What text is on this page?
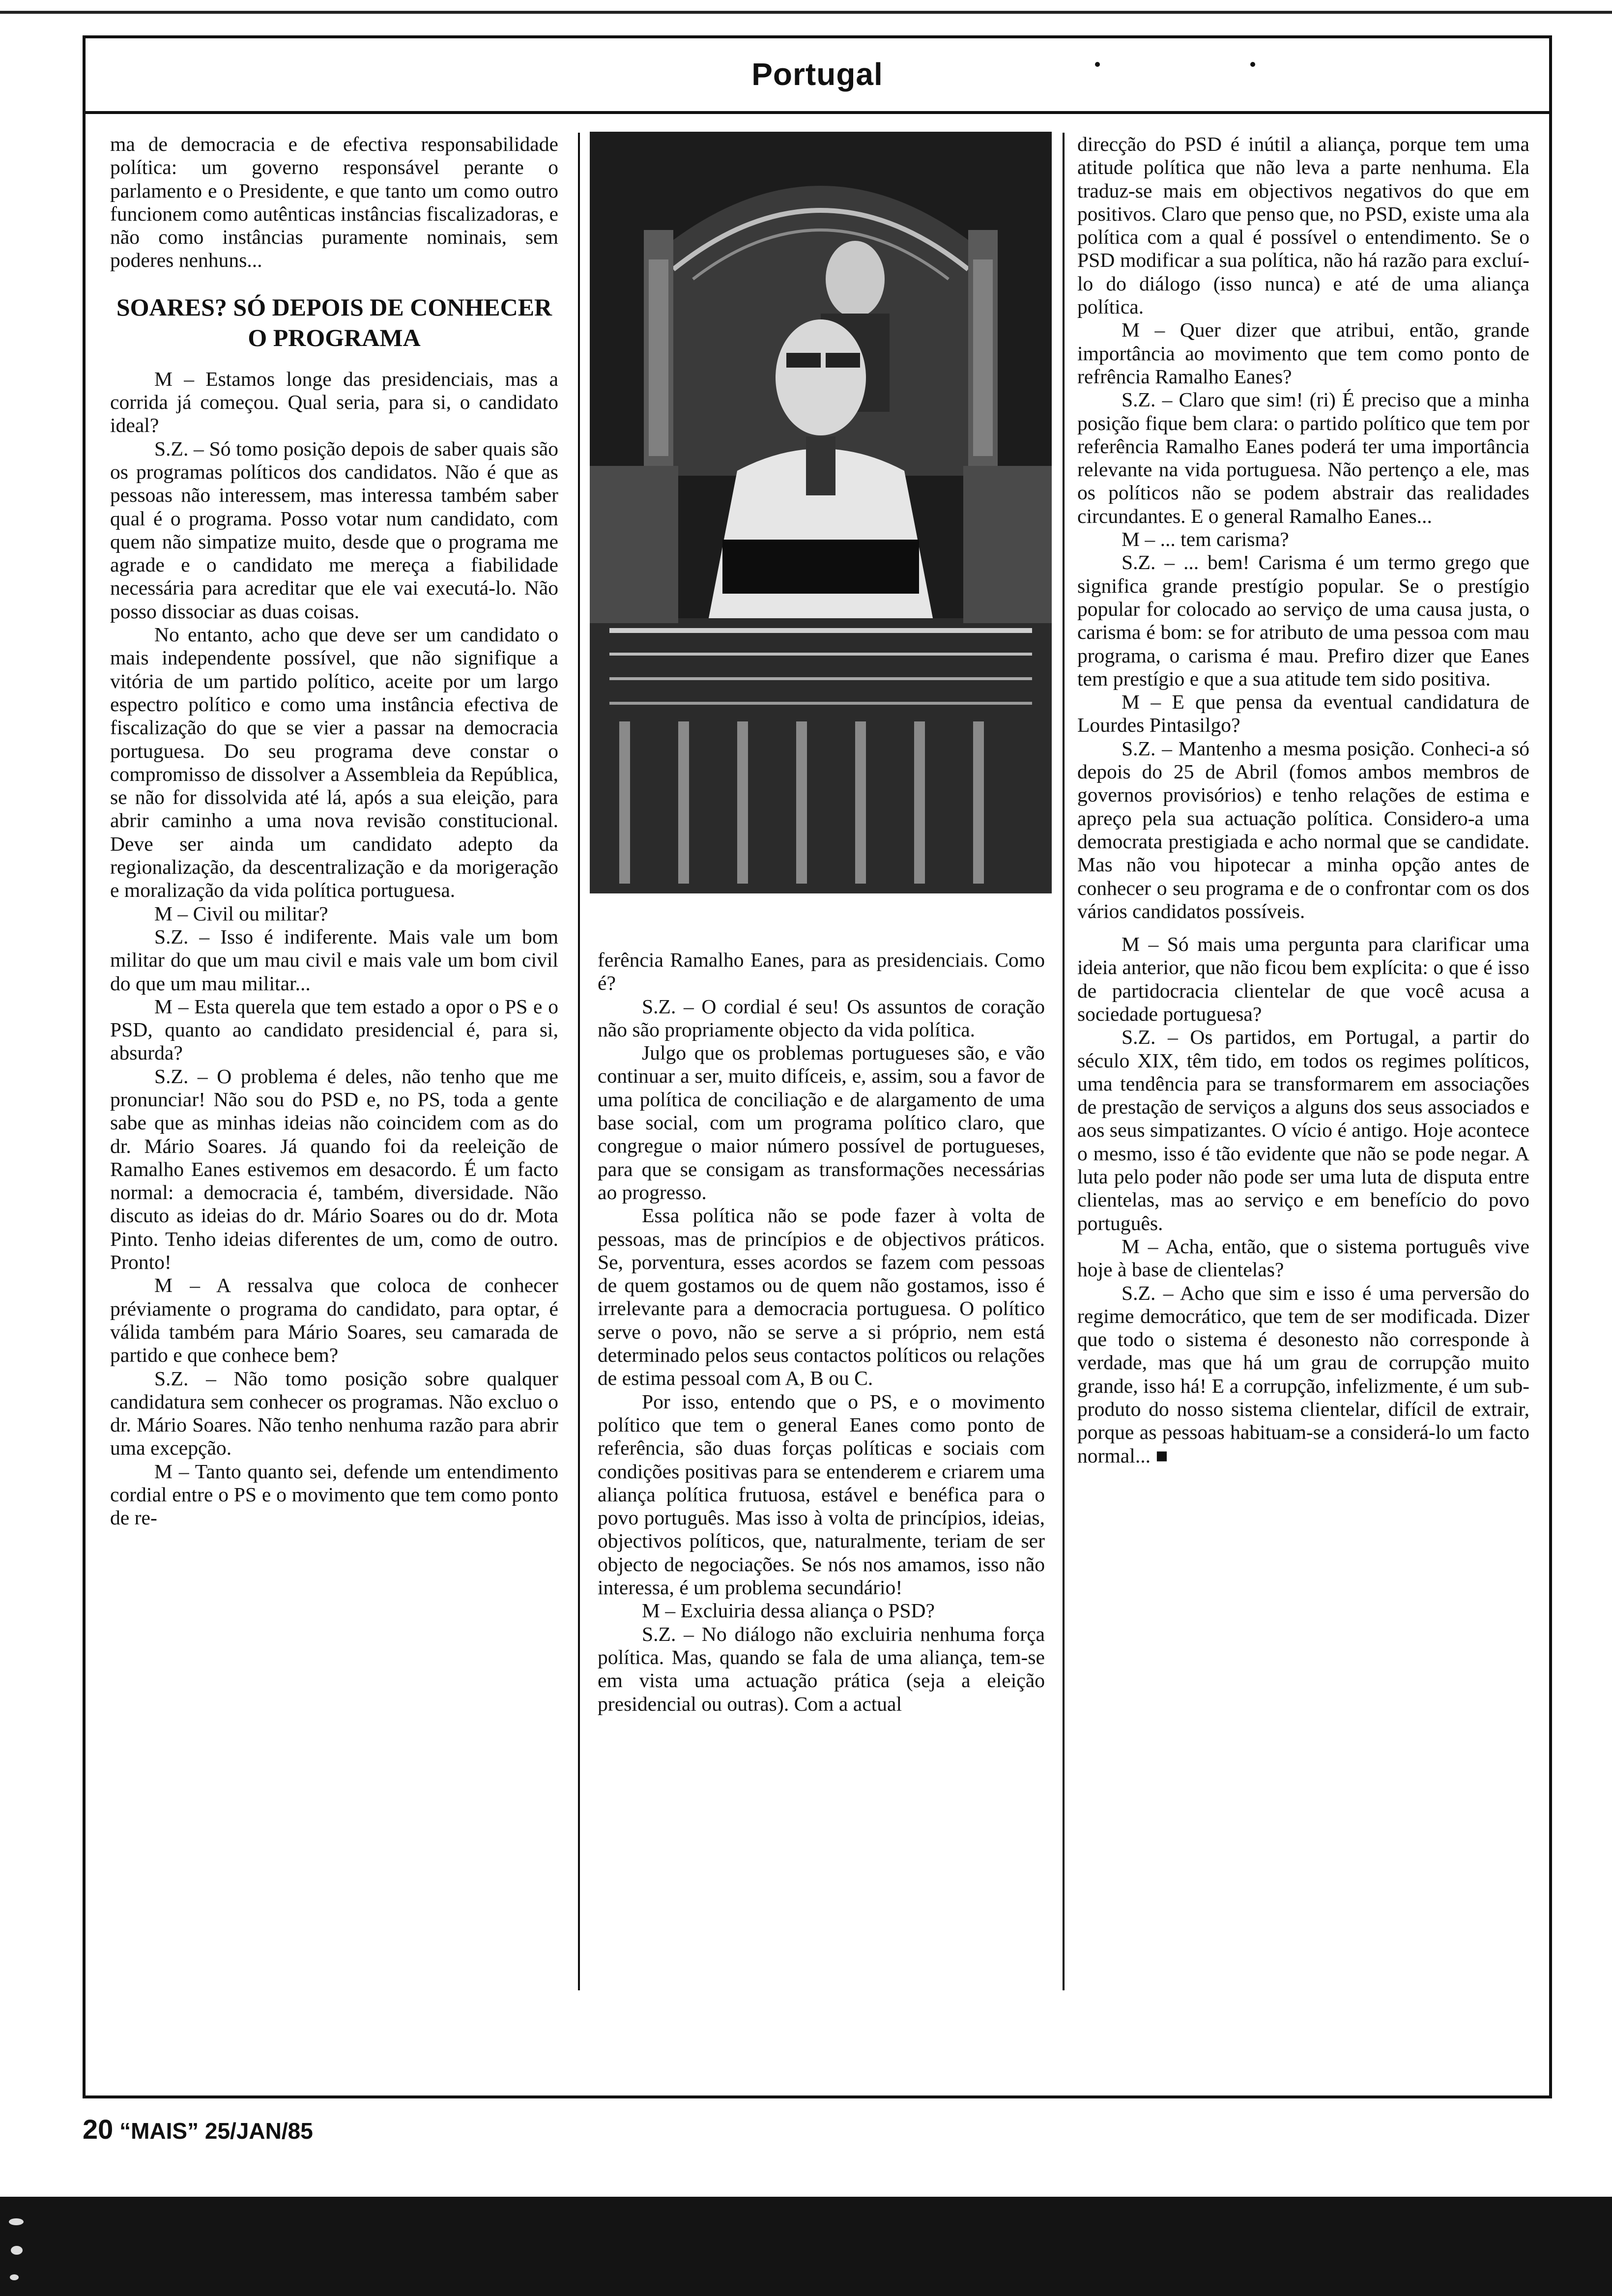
Portugal

ma de democracia e de efectiva responsabilidade política: um governo responsável perante o parlamento e o Presidente, e que tanto um como outro funcionem como autênticas instâncias fiscalizadoras, e não como instâncias puramente nominais, sem poderes nenhuns...

SOARES? SÓ DEPOIS DE CONHECER O PROGRAMA

M – Estamos longe das presidenciais, mas a corrida já começou. Qual seria, para si, o candidato ideal?

S.Z. – Só tomo posição depois de saber quais são os programas políticos dos candidatos. Não é que as pessoas não interessem, mas interessa também saber qual é o programa. Posso votar num candidato, com quem não simpatize muito, desde que o programa me agrade e o candidato me mereça a fiabilidade necessária para acreditar que ele vai executá-lo. Não posso dissociar as duas coisas.

No entanto, acho que deve ser um candidato o mais independente possível, que não signifique a vitória de um partido político, aceite por um largo espectro político e como uma instância efectiva de fiscalização do que se vier a passar na democracia portuguesa. Do seu programa deve constar o compromisso de dissolver a Assembleia da República, se não for dissolvida até lá, após a sua eleição, para abrir caminho a uma nova revisão constitucional. Deve ser ainda um candidato adepto da regionalização, da descentralização e da morigeração e moralização da vida política portuguesa.

M – Civil ou militar?

S.Z. – Isso é indiferente. Mais vale um bom militar do que um mau civil e mais vale um bom civil do que um mau militar...

M – Esta querela que tem estado a opor o PS e o PSD, quanto ao candidato presidencial é, para si, absurda?

S.Z. – O problema é deles, não tenho que me pronunciar! Não sou do PSD e, no PS, toda a gente sabe que as minhas ideias não coincidem com as do dr. Mário Soares. Já quando foi da reeleição de Ramalho Eanes estivemos em desacordo. É um facto normal: a democracia é, também, diversidade. Não discuto as ideias do dr. Mário Soares ou do dr. Mota Pinto. Tenho ideias diferentes de um, como de outro. Pronto!

M – A ressalva que coloca de conhecer préviamente o programa do candidato, para optar, é válida também para Mário Soares, seu camarada de partido e que conhece bem?

S.Z. – Não tomo posição sobre qualquer candidatura sem conhecer os programas. Não excluo o dr. Mário Soares. Não tenho nenhuma razão para abrir uma excepção.

M – Tanto quanto sei, defende um entendimento cordial entre o PS e o movimento que tem como ponto de re-

ferência Ramalho Eanes, para as presidenciais. Como é?

S.Z. – O cordial é seu! Os assuntos de coração não são propriamente objecto da vida política.

Julgo que os problemas portugueses são, e vão continuar a ser, muito difíceis, e, assim, sou a favor de uma política de conciliação e de alargamento de uma base social, com um programa político claro, que congregue o maior número possível de portugueses, para que se consigam as transformações necessárias ao progresso.

Essa política não se pode fazer à volta de pessoas, mas de princípios e de objectivos práticos. Se, porventura, esses acordos se fazem com pessoas de quem gostamos ou de quem não gostamos, isso é irrelevante para a democracia portuguesa. O político serve o povo, não se serve a si próprio, nem está determinado pelos seus contactos políticos ou relações de estima pessoal com A, B ou C.

Por isso, entendo que o PS, e o movimento político que tem o general Eanes como ponto de referência, são duas forças políticas e sociais com condições positivas para se entenderem e criarem uma aliança política frutuosa, estável e benéfica para o povo português. Mas isso à volta de princípios, ideias, objectivos políticos, que, naturalmente, teriam de ser objecto de negociações. Se nós nos amamos, isso não interessa, é um problema secundário!

M – Excluiria dessa aliança o PSD?

S.Z. – No diálogo não excluiria nenhuma força política. Mas, quando se fala de uma aliança, tem-se em vista uma actuação prática (seja a eleição presidencial ou outras). Com a actual

direcção do PSD é inútil a aliança, porque tem uma atitude política que não leva a parte nenhuma. Ela traduz-se mais em objectivos negativos do que em positivos. Claro que penso que, no PSD, existe uma ala política com a qual é possível o entendimento. Se o PSD modificar a sua política, não há razão para excluí-lo do diálogo (isso nunca) e até de uma aliança política.

M – Quer dizer que atribui, então, grande importância ao movimento que tem como ponto de refrência Ramalho Eanes?

S.Z. – Claro que sim! (ri) É preciso que a minha posição fique bem clara: o partido político que tem por referência Ramalho Eanes poderá ter uma importância relevante na vida portuguesa. Não pertenço a ele, mas os políticos não se podem abstrair das realidades circundantes. E o general Ramalho Eanes...

M – ... tem carisma?

S.Z. – ... bem! Carisma é um termo grego que significa grande prestígio popular. Se o prestígio popular for colocado ao serviço de uma causa justa, o carisma é bom: se for atributo de uma pessoa com mau programa, o carisma é mau. Prefiro dizer que Eanes tem prestígio e que a sua atitude tem sido positiva.

M – E que pensa da eventual candidatura de Lourdes Pintasilgo?

S.Z. – Mantenho a mesma posição. Conheci-a só depois do 25 de Abril (fomos ambos membros de governos provisórios) e tenho relações de estima e apreço pela sua actuação política. Considero-a uma democrata prestigiada e acho normal que se candidate. Mas não vou hipotecar a minha opção antes de conhecer o seu programa e de o confrontar com os dos vários candidatos possíveis.

M – Só mais uma pergunta para clarificar uma ideia anterior, que não ficou bem explícita: o que é isso de partidocracia clientelar de que você acusa a sociedade portuguesa?

S.Z. – Os partidos, em Portugal, a partir do século XIX, têm tido, em todos os regimes políticos, uma tendência para se transformarem em associações de prestação de serviços a alguns dos seus associados e aos seus simpatizantes. O vício é antigo. Hoje acontece o mesmo, isso é tão evidente que não se pode negar. A luta pelo poder não pode ser uma luta de disputa entre clientelas, mas ao serviço e em benefício do povo português.

M – Acha, então, que o sistema português vive hoje à base de clientelas?

S.Z. – Acho que sim e isso é uma perversão do regime democrático, que tem de ser modificada. Dizer que todo o sistema é desonesto não corresponde à verdade, mas que há um grau de corrupção muito grande, isso há! E a corrupção, infelizmente, é um sub-produto do nosso sistema clientelar, difícil de extrair, porque as pessoas habituam-se a considerá-lo um facto normal... ■

20 “MAIS” 25/JAN/85
